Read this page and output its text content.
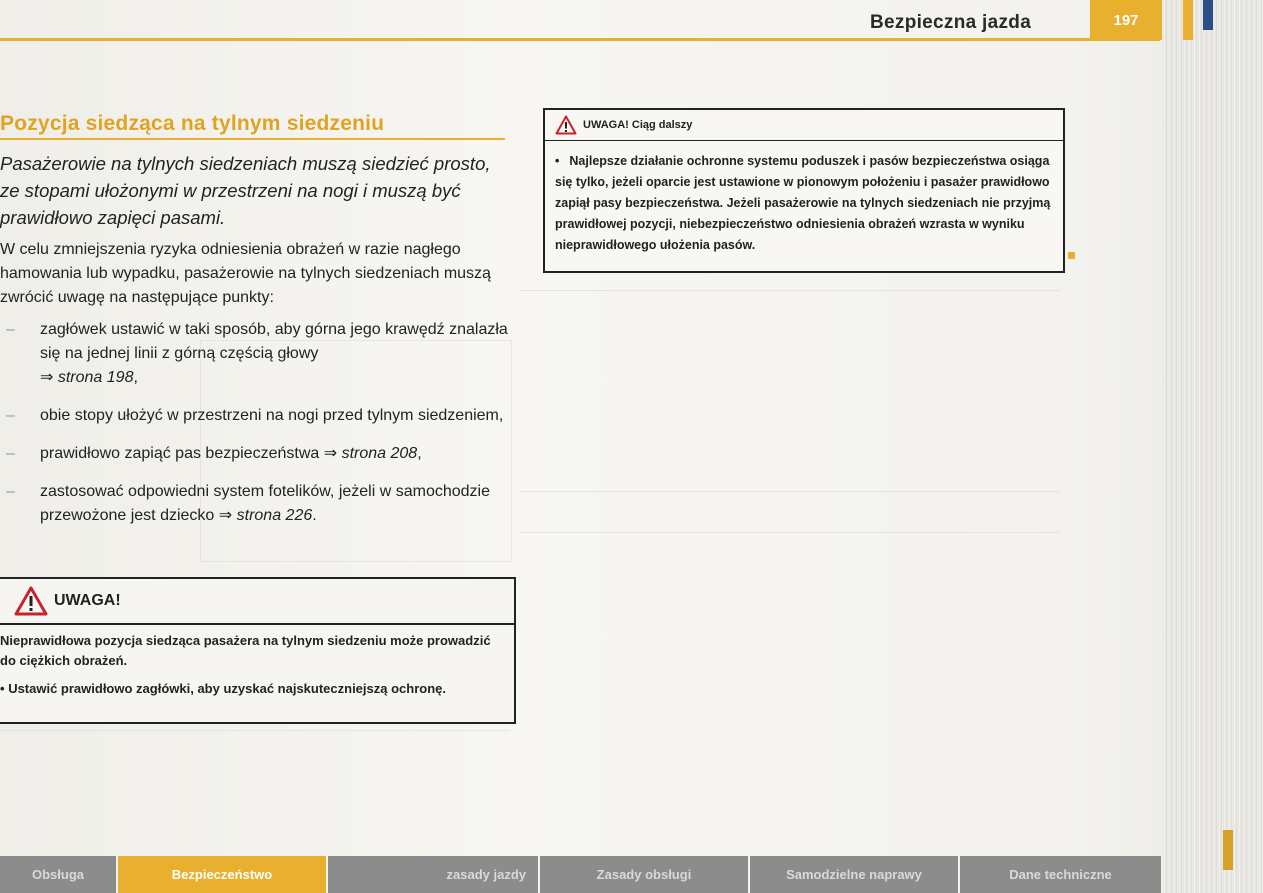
Bezpieczna jazda	197
Pozycja siedząca na tylnym siedzeniu
Pasażerowie na tylnych siedzeniach muszą siedzieć prosto, ze stopami ułożonymi w przestrzeni na nogi i muszą być prawidłowo zapięci pasami.
W celu zmniejszenia ryzyka odniesienia obrażeń w razie nagłego hamowania lub wypadku, pasażerowie na tylnych siedzeniach muszą zwrócić uwagę na następujące punkty:
– zagłówek ustawić w taki sposób, aby górna jego krawędź znalazła się na jednej linii z górną częścią głowy
⇒ strona 198,
– obie stopy ułożyć w przestrzeni na nogi przed tylnym siedzeniem,
– prawidłowo zapiąć pas bezpieczeństwa ⇒ strona 208,
– zastosować odpowiedni system fotelików, jeżeli w samochodzie przewożone jest dziecko ⇒ strona 226.
UWAGA!

Nieprawidłowa pozycja siedząca pasażera na tylnym siedzeniu może prowadzić do ciężkich obrażeń.

• Ustawić prawidłowo zagłówki, aby uzyskać najskuteczniejszą ochronę.

UWAGA! Ciąg dalszy
• Najlepsze działanie ochronne systemu poduszek i pasów bezpieczeństwa osiąga się tylko, jeżeli oparcie jest ustawione w pionowym położeniu i pasażer prawidłowo zapiął pasy bezpieczeństwa. Jeżeli pasażerowie na tylnych siedzeniach nie przyjmą prawidłowej pozycji, niebezpieczeństwo odniesienia obrażeń wzrasta w wyniku nieprawidłowego ułożenia pasów.
Obsługa	Bezpieczeństwo	zasady jazdy	Zasady obsługi	Samodzielne naprawy	Dane techniczne
